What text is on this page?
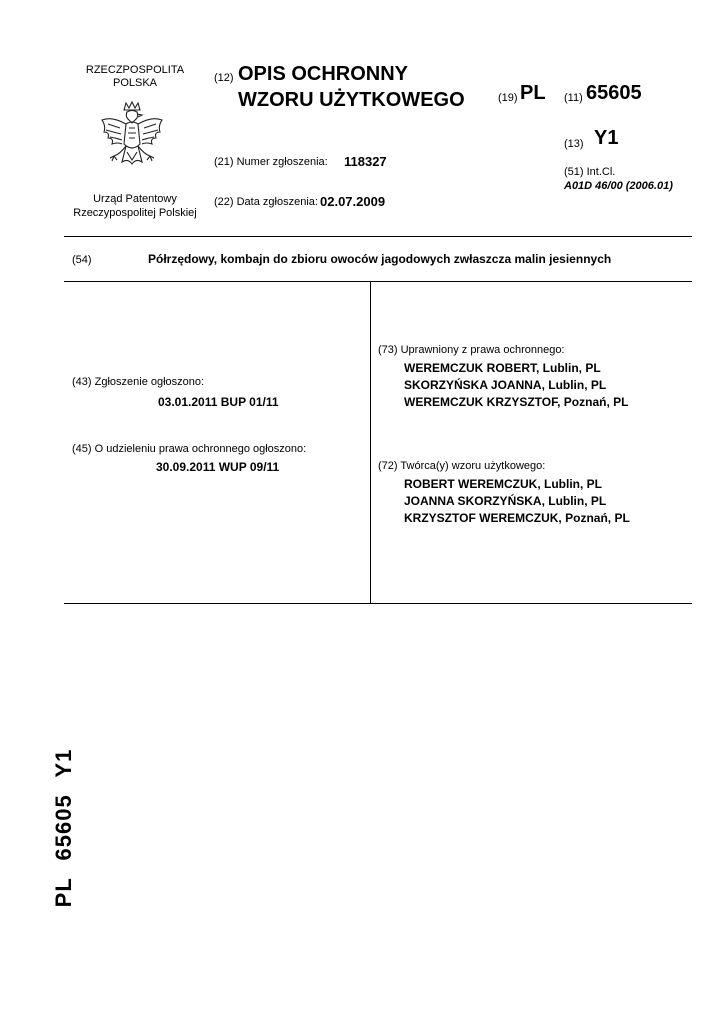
RZECZPOSPOLITA
POLSKA
Urząd Patentowy
Rzeczypospolitej Polskiej
(12) OPIS OCHRONNY
WZORU UŻYTKOWEGO
(21) Numer zgłoszenia: 118327
(22) Data zgłoszenia: 02.07.2009
(19) PL (11) 65605
(13) Y1
(51) Int.Cl.
A01D 46/00 (2006.01)
(54)	Półrzędowy, kombajn do zbioru owoców jagodowych zwłaszcza malin jesiennych
(43) Zgłoszenie ogłoszono:
03.01.2011 BUP 01/11
(45) O udzieleniu prawa ochronnego ogłoszono:
30.09.2011 WUP 09/11
(73) Uprawniony z prawa ochronnego:
WEREMCZUK ROBERT, Lublin, PL
SKORZYŃSKA JOANNA, Lublin, PL
WEREMCZUK KRZYSZTOF, Poznań, PL
(72) Twórca(y) wzoru użytkowego:
ROBERT WEREMCZUK, Lublin, PL
JOANNA SKORZYŃSKA, Lublin, PL
KRZYSZTOF WEREMCZUK, Poznań, PL
PL 65605 Y1
